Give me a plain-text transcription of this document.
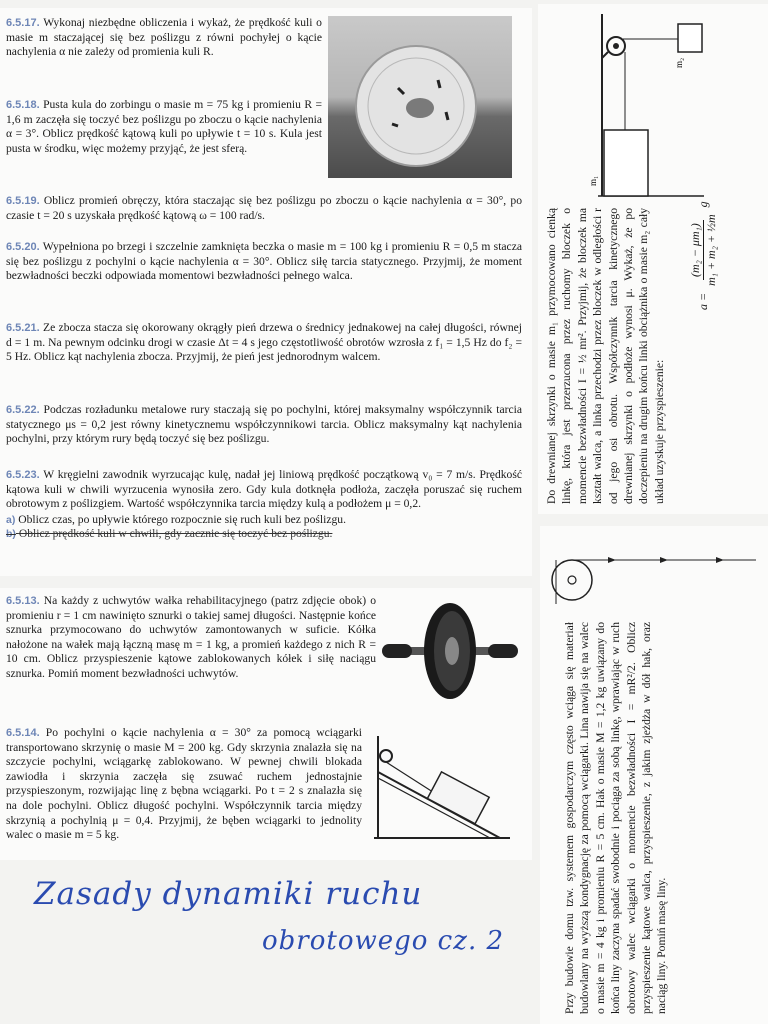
6.5.17. Wykonaj niezbędne obliczenia i wykaż, że prędkość kuli o masie m staczającej się bez poślizgu z równi pochyłej o kącie nachylenia α nie zależy od promienia kuli R.
6.5.18. Pusta kula do zorbingu o masie m = 75 kg i promieniu R = 1,6 m zaczęła się toczyć bez poślizgu po zboczu o kącie nachylenia α = 3°. Oblicz prędkość kątową kuli po upływie t = 10 s. Kula jest pusta w środku, więc możemy przyjąć, że jest sferą.
6.5.19. Oblicz promień obręczy, która staczając się bez poślizgu po zboczu o kącie nachylenia α = 30°, po czasie t = 20 s uzyskała prędkość kątową ω = 100 rad/s.
6.5.20. Wypełniona po brzegi i szczelnie zamknięta beczka o masie m = 100 kg i promieniu R = 0,5 m stacza się bez poślizgu z pochylni o kącie nachylenia α = 30°. Oblicz siłę tarcia statycznego. Przyjmij, że moment bezwładności beczki odpowiada momentowi bezwładności pełnego walca.
6.5.21. Ze zbocza stacza się okorowany okrągły pień drzewa o średnicy jednakowej na całej długości, równej d = 1 m. Na pewnym odcinku drogi w czasie Δt = 4 s jego częstotliwość obrotów wzrosła z f₁ = 1,5 Hz do f₂ = 5 Hz. Oblicz kąt nachylenia zbocza. Przyjmij, że pień jest jednorodnym walcem.
6.5.22. Podczas rozładunku metalowe rury staczają się po pochylni, której maksymalny współczynnik tarcia statycznego μs = 0,2 jest równy kinetycznemu współczynnikowi tarcia. Oblicz maksymalny kąt nachylenia pochylni, przy którym rury będą toczyć się bez poślizgu.
6.5.23. W kręgielni zawodnik wyrzucając kulę, nadał jej liniową prędkość początkową v₀ = 7 m/s. Prędkość kątowa kuli w chwili wyrzucenia wynosiła zero. Gdy kula dotknęła podłoża, zaczęła poruszać się ruchem obrotowym z poślizgiem. Wartość współczynnika tarcia między kulą a podłożem μ = 0,2.
a) Oblicz czas, po upływie którego rozpocznie się ruch kuli bez poślizgu.
b) Oblicz prędkość kuli w chwili, gdy zacznie się toczyć bez poślizgu.
6.5.13. Na każdy z uchwytów wałka rehabilitacyjnego (patrz zdjęcie obok) o promieniu r = 1 cm nawinięto sznurki o takiej samej długości. Następnie końce sznurka przymocowano do uchwytów zamontowanych w suficie. Kółka nałożone na wałek mają łączną masę m = 1 kg, a promień każdego z nich R = 10 cm. Oblicz przyspieszenie kątowe zablokowanych kółek i siłę naciągu sznurka. Pomiń moment bezwładności uchwytów.
6.5.14. Po pochylni o kącie nachylenia α = 30° za pomocą wciągarki transportowano skrzynię o masie M = 200 kg. Gdy skrzynia znalazła się na szczycie pochylni, wciągarkę zablokowano. W pewnej chwili blokada zawiodła i skrzynia zaczęła się zsuwać ruchem jednostajnie przyspieszonym, rozwijając linę z bębna wciągarki. Po t = 2 s znalazła się na dole pochylni. Oblicz długość pochylni. Współczynnik tarcia między skrzynią a pochylnią μ = 0,4. Przyjmij, że bęben wciągarki to jednolity walec o masie m = 5 kg.
m₂
m₁
Do drewnianej skrzynki o masie m₁ przymocowano cienką linkę, która jest przerzucona przez ruchomy bloczek o momencie bezwładności I = ½ mr². Przyjmij, że bloczek ma kształt walca, a linka przechodzi przez bloczek w odległości r od jego osi obrotu. Współczynnik tarcia kinetycznego drewnianej skrzynki o podłoże wynosi μ. Wykaż, że po doczepieniu na drugim końcu linki obciążnika o masie m₂ cały układ uzyskuje przyspieszenie:
a =
(m₂ − μm₁) m₁ + m₂ + ½m
g
Przy budowie domu tzw. systemem gospodarczym często wciąga się materiał budowlany na wyższą kondygnację za pomocą wciągarki. Lina nawija się na walec o masie m = 4 kg i promieniu R = 5 cm. Hak o masie M = 1,2 kg uwiązany do końca liny zaczyna spadać swobodnie i pociąga za sobą linkę, wprawiając w ruch obrotowy walec wciągarki o momencie bezwładności I = mR²/2. Oblicz przyspieszenie kątowe walca, przyspieszenie, z jakim zjeżdża w dół hak, oraz naciąg liny. Pomiń masę liny.
Zasady dynamiki ruchu
obrotowego cz. 2
